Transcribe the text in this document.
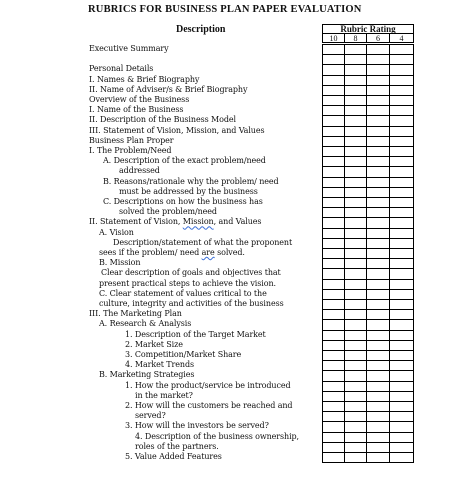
RUBRICS FOR BUSINESS PLAN PAPER EVALUATION
Description	Rubric Rating
10	8	6	4
Executive Summary
Personal Details
I. Names & Brief Biography
II. Name of Adviser/s & Brief Biography
Overview of the Business
I. Name of the Business
II. Description of the Business Model
III. Statement of Vision, Mission, and Values
Business Plan Proper
I. The Problem/Need
A. Description of the exact problem/need
addressed
B. Reasons/rationale why the problem/ need
must be addressed by the business
C. Descriptions on how the business has
solved the problem/need
II. Statement of Vision, Mission, and Values
A. Vision
Description/statement of what the proponent
sees if the problem/ need are solved.
B. Mission
Clear description of goals and objectives that
present practical steps to achieve the vision.
C. Clear statement of values critical to the
culture, integrity and activities of the business
III. The Marketing Plan
A. Research & Analysis
1. Description of the Target Market
2. Market Size
3. Competition/Market Share
4. Market Trends
B. Marketing Strategies
1. How the product/service be introduced
in the market?
2. How will the customers be reached and
served?
3. How will the investors be served?
4. Description of the business ownership,
roles of the partners.
5. Value Added Features
